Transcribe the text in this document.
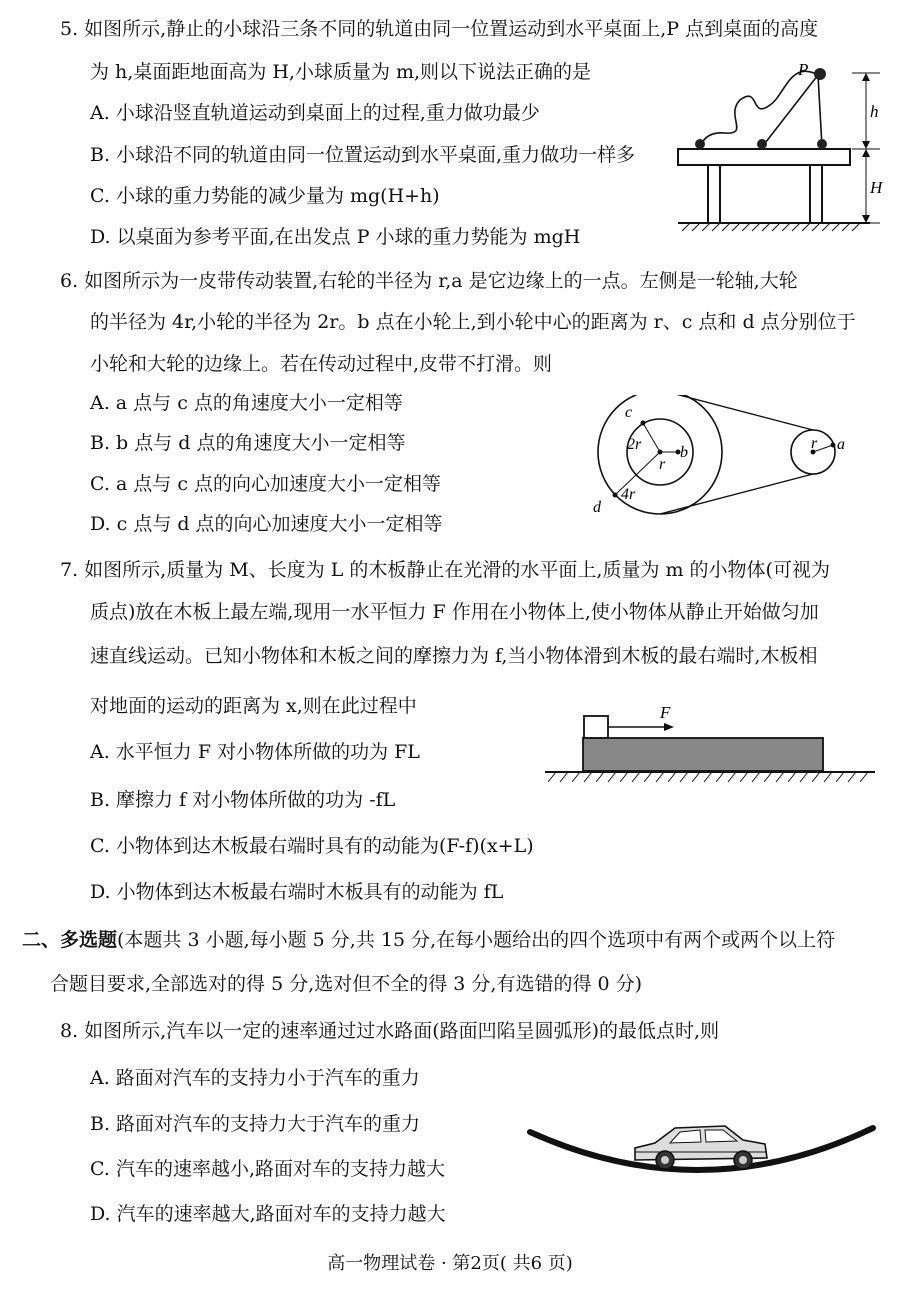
5. 如图所示,静止的小球沿三条不同的轨道由同一位置运动到水平桌面上,P 点到桌面的高度
为 h,桌面距地面高为 H,小球质量为 m,则以下说法正确的是
A. 小球沿竖直轨道运动到桌面上的过程,重力做功最少
B. 小球沿不同的轨道由同一位置运动到水平桌面,重力做功一样多
C. 小球的重力势能的减少量为 mg(H+h)
D. 以桌面为参考平面,在出发点 P 小球的重力势能为 mgH
P
h
H
6. 如图所示为一皮带传动装置,右轮的半径为 r,a 是它边缘上的一点。左侧是一轮轴,大轮
的半径为 4r,小轮的半径为 2r。b 点在小轮上,到小轮中心的距离为 r、c 点和 d 点分别位于
小轮和大轮的边缘上。若在传动过程中,皮带不打滑。则
A. a 点与 c 点的角速度大小一定相等
B. b 点与 d 点的角速度大小一定相等
C. a 点与 c 点的向心加速度大小一定相等
D. c 点与 d 点的向心加速度大小一定相等
c
2r
r
b
4r
d
r a
7. 如图所示,质量为 M、长度为 L 的木板静止在光滑的水平面上,质量为 m 的小物体(可视为
质点)放在木板上最左端,现用一水平恒力 F 作用在小物体上,使小物体从静止开始做匀加
速直线运动。已知小物体和木板之间的摩擦力为 f,当小物体滑到木板的最右端时,木板相
对地面的运动的距离为 x,则在此过程中
A. 水平恒力 F 对小物体所做的功为 FL
B. 摩擦力 f 对小物体所做的功为 -fL
C. 小物体到达木板最右端时具有的动能为(F-f)(x+L)
D. 小物体到达木板最右端时木板具有的动能为 fL
F
二、多选题(本题共 3 小题,每小题 5 分,共 15 分,在每小题给出的四个选项中有两个或两个以上符
合题目要求,全部选对的得 5 分,选对但不全的得 3 分,有选错的得 0 分)
8. 如图所示,汽车以一定的速率通过过水路面(路面凹陷呈圆弧形)的最低点时,则
A. 路面对汽车的支持力小于汽车的重力
B. 路面对汽车的支持力大于汽车的重力
C. 汽车的速率越小,路面对车的支持力越大
D. 汽车的速率越大,路面对车的支持力越大
高一物理试卷 · 第2页( 共6 页)
